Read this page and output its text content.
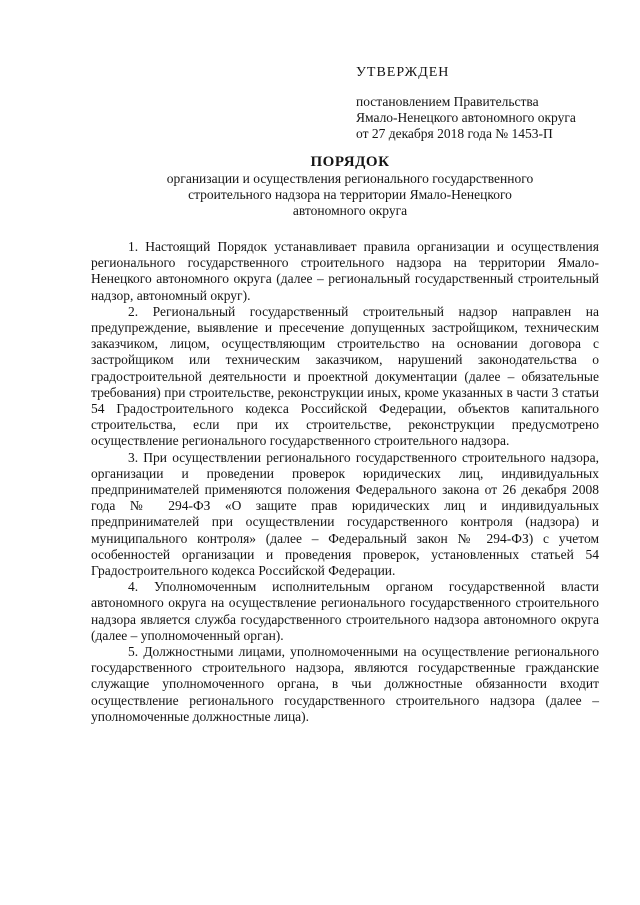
УТВЕРЖДЕН
постановлением Правительства
Ямало-Ненецкого автономного округа
от 27 декабря 2018 года № 1453-П
ПОРЯДОК
организации и осуществления регионального государственного
строительного надзора на территории Ямало-Ненецкого
автономного округа

1. Настоящий Порядок устанавливает правила организации и осуществления регионального государственного строительного надзора на территории Ямало-Ненецкого автономного округа (далее – региональный государственный строительный надзор, автономный округ).

2. Региональный государственный строительный надзор направлен на предупреждение, выявление и пресечение допущенных застройщиком, техническим заказчиком, лицом, осуществляющим строительство на основании договора с застройщиком или техническим заказчиком, нарушений законодательства о градостроительной деятельности и проектной документации (далее – обязательные требования) при строительстве, реконструкции иных, кроме указанных в части 3 статьи 54 Градостроительного кодекса Российской Федерации, объектов капитального строительства, если при их строительстве, реконструкции предусмотрено осуществление регионального государственного строительного надзора.

3. При осуществлении регионального государственного строительного надзора, организации и проведении проверок юридических лиц, индивидуальных предпринимателей применяются положения Федерального закона от 26 декабря 2008 года № 294-ФЗ «О защите прав юридических лиц и индивидуальных предпринимателей при осуществлении государственного контроля (надзора) и муниципального контроля» (далее – Федеральный закон № 294-ФЗ) с учетом особенностей организации и проведения проверок, установленных статьей 54 Градостроительного кодекса Российской Федерации.

4. Уполномоченным исполнительным органом государственной власти автономного округа на осуществление регионального государственного строительного надзора является служба государственного строительного надзора автономного округа (далее – уполномоченный орган).

5. Должностными лицами, уполномоченными на осуществление регионального государственного строительного надзора, являются государственные гражданские служащие уполномоченного органа, в чьи должностные обязанности входит осуществление регионального государственного строительного надзора (далее – уполномоченные должностные лица).
